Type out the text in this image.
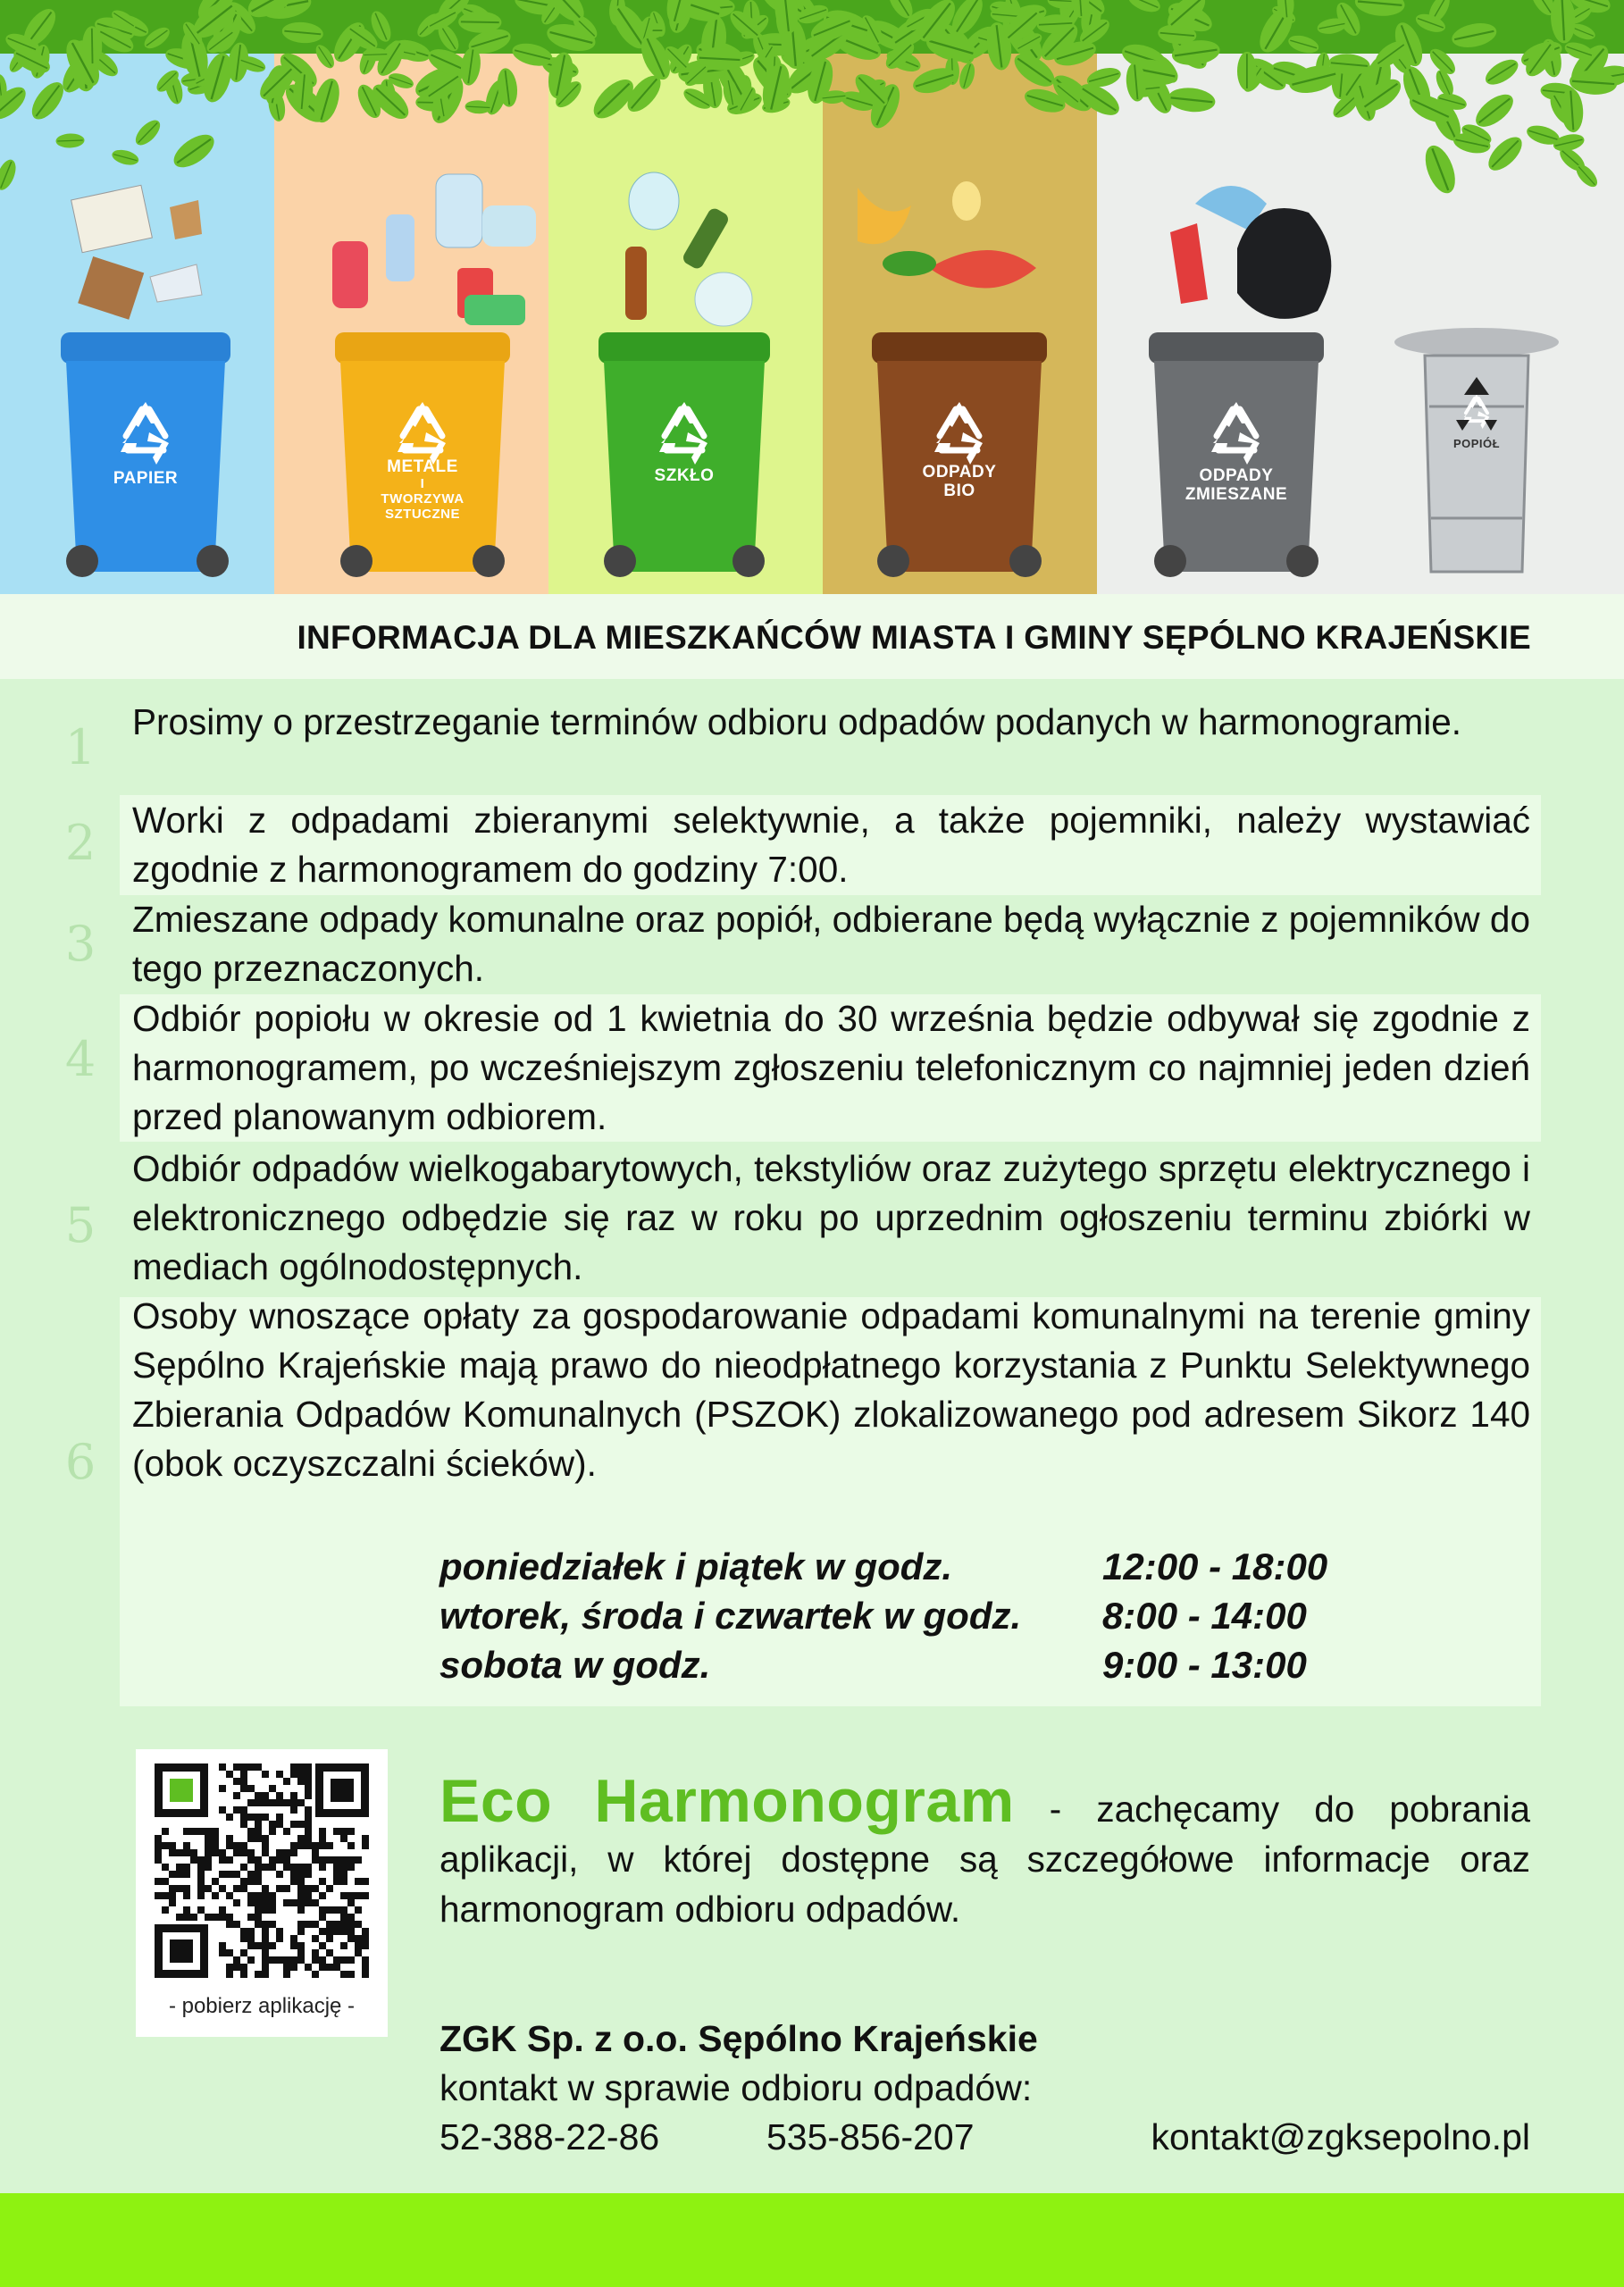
PAPIER
METALE
I
TWORZYWA
SZTUCZNE
SZKŁO	ODPADY
BIO
ODPADY
ZMIESZANE
POPIÓŁ
INFORMACJA DLA MIESZKAŃCÓW MIASTA I GMINY SĘPÓLNO KRAJEŃSKIE
1 Prosimy o przestrzeganie terminów odbioru odpadów podanych w harmonogramie.
2 Worki z odpadami zbieranymi selektywnie, a także pojemniki, należy wystawiać zgodnie z harmonogramem do godziny 7:00.
3 Zmieszane odpady komunalne oraz popiół, odbierane będą wyłącznie z pojemników do tego przeznaczonych.
4
Odbiór popiołu w okresie od 1 kwietnia do 30 września będzie odbywał się zgodnie z harmonogramem, po wcześniejszym zgłoszeniu telefonicznym co najmniej jeden dzień przed planowanym odbiorem.
5
Odbiór odpadów wielkogabarytowych, tekstyliów oraz zużytego sprzętu elektrycznego i elektronicznego odbędzie się raz w roku po uprzednim ogłoszeniu terminu zbiórki w mediach ogólnodostępnych.
6
Osoby wnoszące opłaty za gospodarowanie odpadami komunalnymi na terenie gminy Sępólno Krajeńskie mają prawo do nieodpłatnego korzystania z Punktu Selektywnego Zbierania Odpadów Komunalnych (PSZOK) zlokalizowanego pod adresem Sikorz 140 (obok oczyszczalni ścieków).
poniedziałek i piątek w godz.	12:00 - 18:00
wtorek, środa i czwartek w godz. 8:00 - 14:00
sobota w godz.	9:00 - 13:00
- pobierz aplikację -
Eco Harmonogram - zachęcamy do pobrania aplikacji, w której dostępne są szczegółowe informacje oraz harmonogram odbioru odpadów.
ZGK Sp. z o.o. Sępólno Krajeńskie
kontakt w sprawie odbioru odpadów:
52-388-22-86	535-856-207	kontakt@zgksepolno.pl
